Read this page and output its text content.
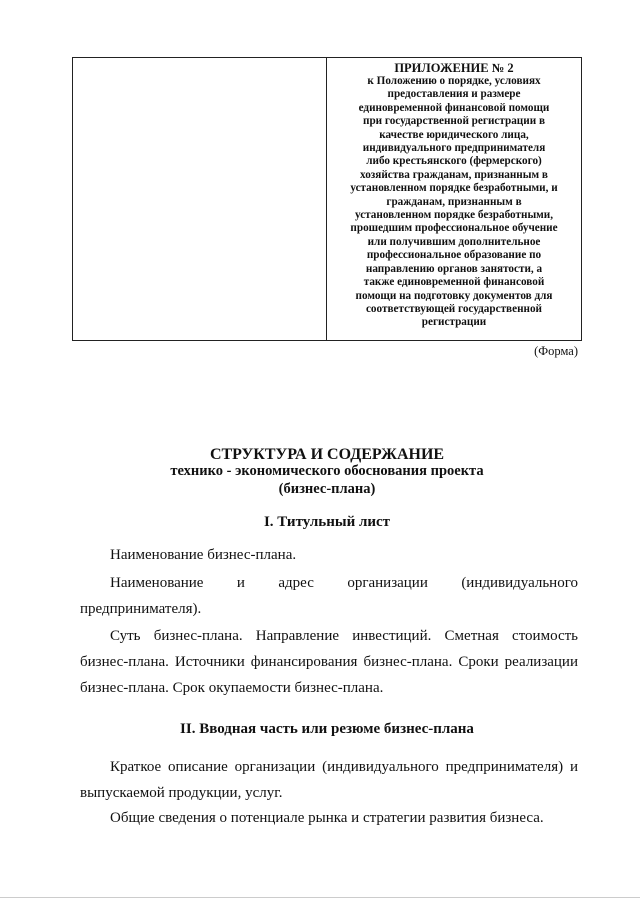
ПРИЛОЖЕНИЕ № 2
к Положению о порядке, условиях
предоставления и размере
единовременной финансовой помощи
при государственной регистрации в
качестве юридического лица,
индивидуального предпринимателя
либо крестьянского (фермерского)
хозяйства гражданам, признанным в
установленном порядке безработными, и
гражданам, признанным в
установленном порядке безработными,
прошедшим профессиональное обучение
или получившим дополнительное
профессиональное образование по
направлению органов занятости, а
также единовременной финансовой
помощи на подготовку документов для
соответствующей государственной
регистрации
(Форма)
СТРУКТУРА И СОДЕРЖАНИЕ
технико - экономического обоснования проекта
(бизнес-плана)
I. Титульный лист
Наименование бизнес-плана.
Наименование и адрес организации (индивидуального
предпринимателя).
Суть бизнес-плана. Направление инвестиций. Сметная стоимость бизнес-плана. Источники финансирования бизнес-плана. Сроки реализации бизнес-плана. Срок окупаемости бизнес-плана.
II. Вводная часть или резюме бизнес-плана
Краткое описание организации (индивидуального предпринимателя) и выпускаемой продукции, услуг.
Общие сведения о потенциале рынка и стратегии развития бизнеса.
